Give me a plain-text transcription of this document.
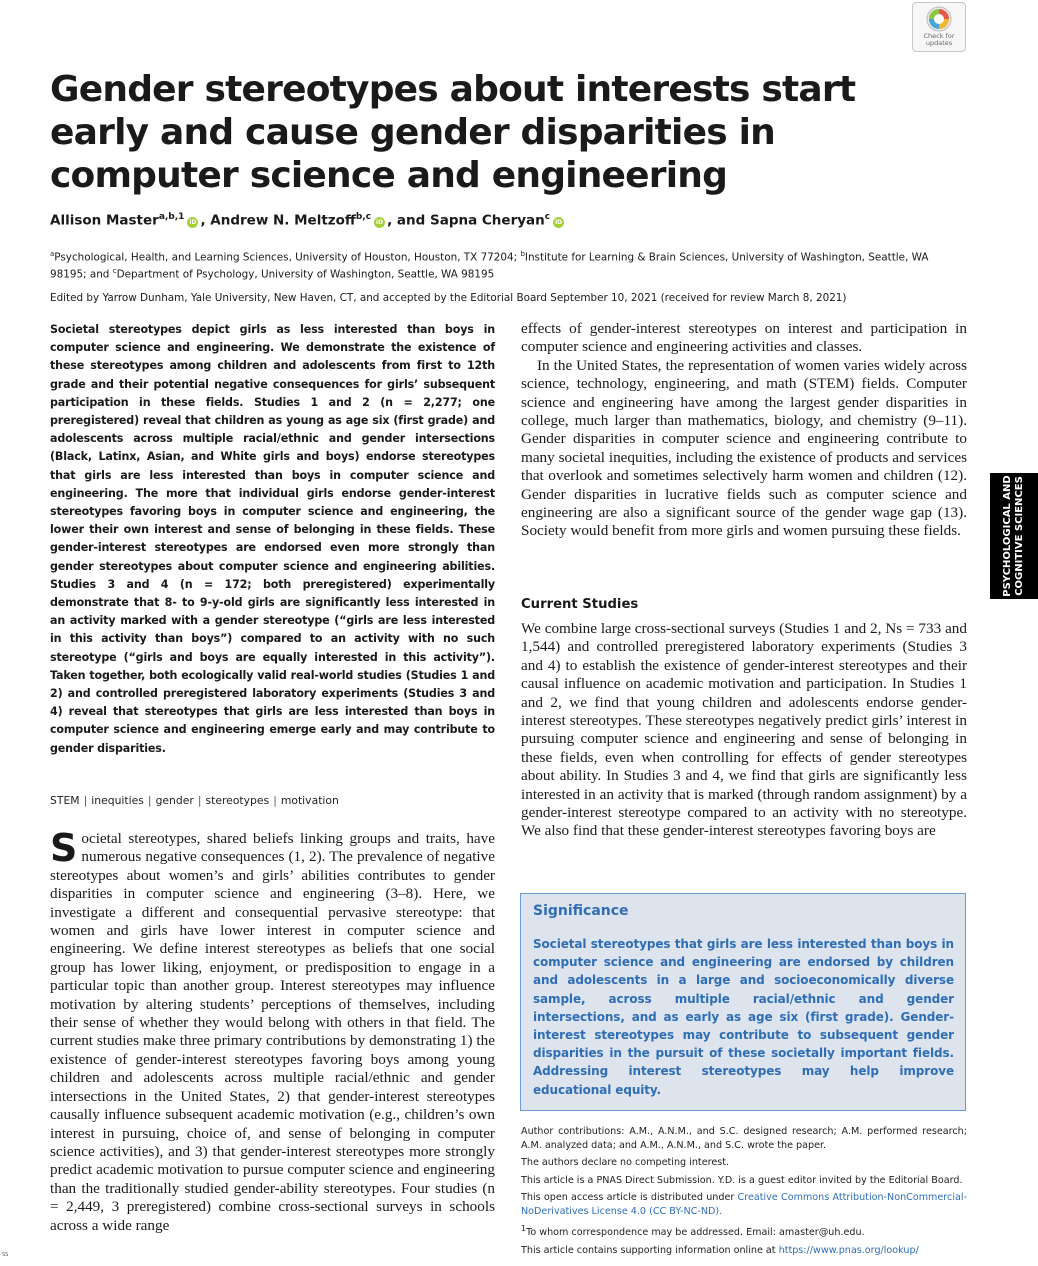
Check for updates
Gender stereotypes about interests start early and cause gender disparities in computer science and engineering
Allison Master$^{a,b,1}$ iD , Andrew N. Meltzoff$^{b,c}$ iD , and Sapna Cheryan$^c$ iD
$^a$Psychological, Health, and Learning Sciences, University of Houston, Houston, TX 77204; $^b$Institute for Learning & Brain Sciences, University of Washington, Seattle, WA 98195; and $^c$Department of Psychology, University of Washington, Seattle, WA 98195
Edited by Yarrow Dunham, Yale University, New Haven, CT, and accepted by the Editorial Board September 10, 2021 (received for review March 8, 2021)

Societal stereotypes depict girls as less interested than boys in computer science and engineering. We demonstrate the existence of these stereotypes among children and adolescents from first to 12th grade and their potential negative consequences for girls’ subsequent participation in these fields. Studies 1 and 2 (n = 2,277; one preregistered) reveal that children as young as age six (first grade) and adolescents across multiple racial/ethnic and gender intersections (Black, Latinx, Asian, and White girls and boys) endorse stereotypes that girls are less interested than boys in computer science and engineering. The more that individual girls endorse gender-interest stereotypes favoring boys in computer science and engineering, the lower their own interest and sense of belonging in these fields. These gender-interest stereotypes are endorsed even more strongly than gender stereotypes about computer science and engineering abilities. Studies 3 and 4 (n = 172; both preregistered) experimentally demonstrate that 8- to 9-y-old girls are significantly less interested in an activity marked with a gender stereotype (“girls are less interested in this activity than boys”) compared to an activity with no such stereotype (“girls and boys are equally interested in this activity”). Taken together, both ecologically valid real-world studies (Studies 1 and 2) and controlled preregistered laboratory experiments (Studies 3 and 4) reveal that stereotypes that girls are less interested than boys in computer science and engineering emerge early and may contribute to gender disparities.

STEM | inequities | gender | stereotypes | motivation
Societal stereotypes, shared beliefs linking groups and traits, have numerous negative consequences (1, 2). The prevalence of negative stereotypes about women’s and girls’ abilities contributes to gender disparities in computer science and engineering (3–8). Here, we investigate a different and consequential pervasive stereotype: that women and girls have lower interest in computer science and engineering. We define interest stereotypes as beliefs that one social group has lower liking, enjoyment, or predisposition to engage in a particular topic than another group. Interest stereotypes may influence motivation by altering students’ perceptions of themselves, including their sense of whether they would belong with others in that field. The current studies make three primary contributions by demonstrating 1) the existence of gender-interest stereotypes favoring boys among young children and adolescents across multiple racial/ethnic and gender intersections in the United States, 2) that gender-interest stereotypes causally influence subsequent academic motivation (e.g., children’s own interest in pursuing, choice of, and sense of belonging in computer science activities), and 3) that gender-interest stereotypes more strongly predict academic motivation to pursue computer science and engineering than the traditionally studied gender-ability stereotypes. Four studies (n = 2,449, 3 preregistered) combine cross-sectional surveys in schools across a wide range

effects of gender-interest stereotypes on interest and participation in computer science and engineering activities and classes.

In the United States, the representation of women varies widely across science, technology, engineering, and math (STEM) fields. Computer science and engineering have among the largest gender disparities in college, much larger than mathematics, biology, and chemistry (9–11). Gender disparities in computer science and engineering contribute to many societal inequities, including the existence of products and services that overlook and sometimes selectively harm women and children (12). Gender disparities in lucrative fields such as computer science and engineering are also a significant source of the gender wage gap (13). Society would benefit from more girls and women pursuing these fields.

Current Studies

We combine large cross-sectional surveys (Studies 1 and 2, Ns = 733 and 1,544) and controlled preregistered laboratory experiments (Studies 3 and 4) to establish the existence of gender-interest stereotypes and their causal influence on academic motivation and participation. In Studies 1 and 2, we find that young children and adolescents endorse gender-interest stereotypes. These stereotypes negatively predict girls’ interest in pursuing computer science and engineering and sense of belonging in these fields, even when controlling for effects of gender stereotypes about ability. In Studies 3 and 4, we find that girls are significantly less interested in an activity that is marked (through random assignment) by a gender-interest stereotype compared to an activity with no stereotype. We also find that these gender-interest stereotypes favoring boys are

Significance

Societal stereotypes that girls are less interested than boys in computer science and engineering are endorsed by children and adolescents in a large and socioeconomically diverse sample, across multiple racial/ethnic and gender intersections, and as early as age six (first grade). Gender-interest stereotypes may contribute to subsequent gender disparities in the pursuit of these societally important fields. Addressing interest stereotypes may help improve educational equity.

Author contributions: A.M., A.N.M., and S.C. designed research; A.M. performed research; A.M. analyzed data; and A.M., A.N.M., and S.C. wrote the paper.

The authors declare no competing interest.

This article is a PNAS Direct Submission. Y.D. is a guest editor invited by the Editorial Board.

This open access article is distributed under Creative Commons Attribution-NonCommercial-NoDerivatives License 4.0 (CC BY-NC-ND).

$^1$To whom correspondence may be addressed. Email: amaster@uh.edu.

This article contains supporting information online at https://www.pnas.org/lookup/

PSYCHOLOGICAL AND COGNITIVE SCIENCES
SS
